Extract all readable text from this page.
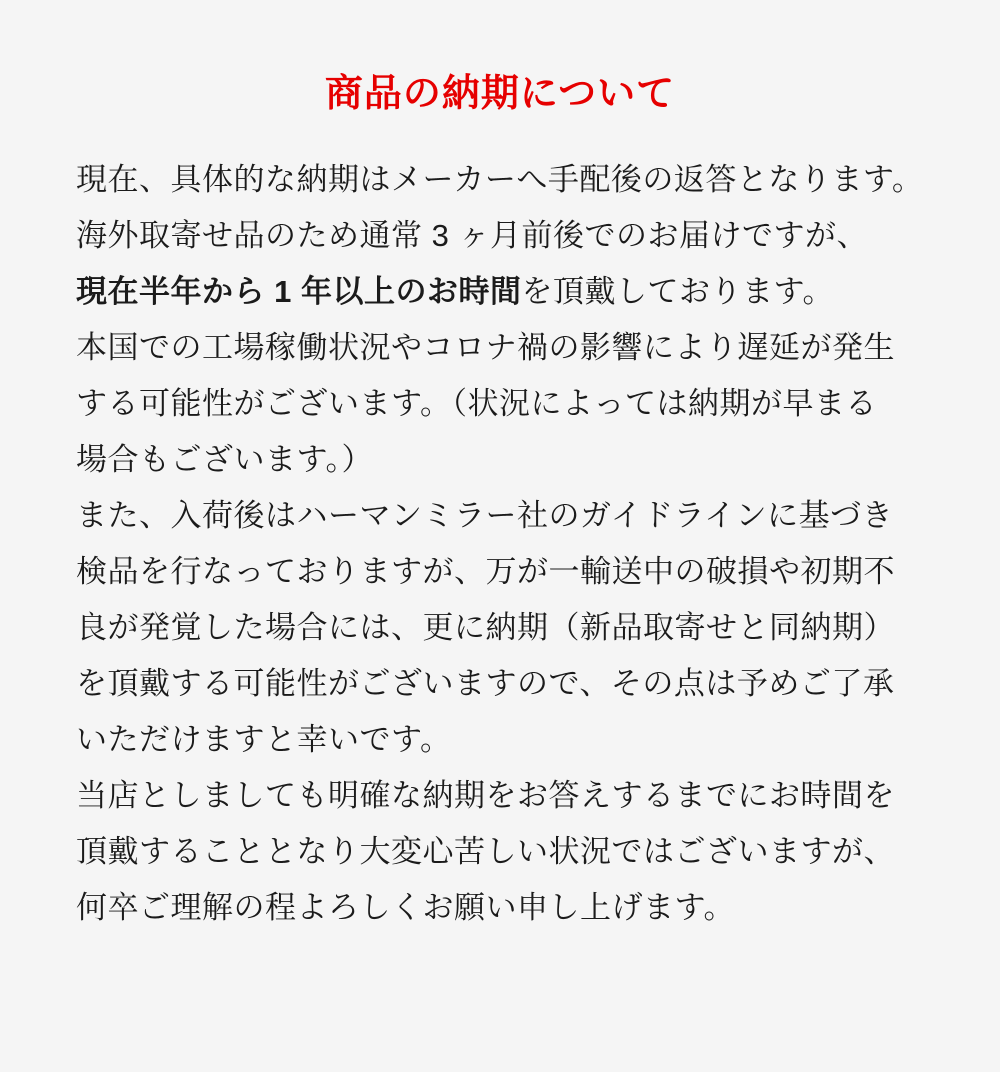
商品の納期について

現在、具体的な納期はメーカーへ手配後の返答となります。

海外取寄せ品のため通常 3 ヶ月前後でのお届けですが、

現在半年から 1 年以上のお時間を頂戴しております。

本国での工場稼働状況やコロナ禍の影響により遅延が発生

する可能性がございます。（状況によっては納期が早まる

場合もございます。）

また、入荷後はハーマンミラー社のガイドラインに基づき

検品を行なっておりますが、万が一輸送中の破損や初期不

良が発覚した場合には、更に納期（新品取寄せと同納期）

を頂戴する可能性がございますので、その点は予めご了承

いただけますと幸いです。

当店としましても明確な納期をお答えするまでにお時間を

頂戴することとなり大変心苦しい状況ではございますが、

何卒ご理解の程よろしくお願い申し上げます。
